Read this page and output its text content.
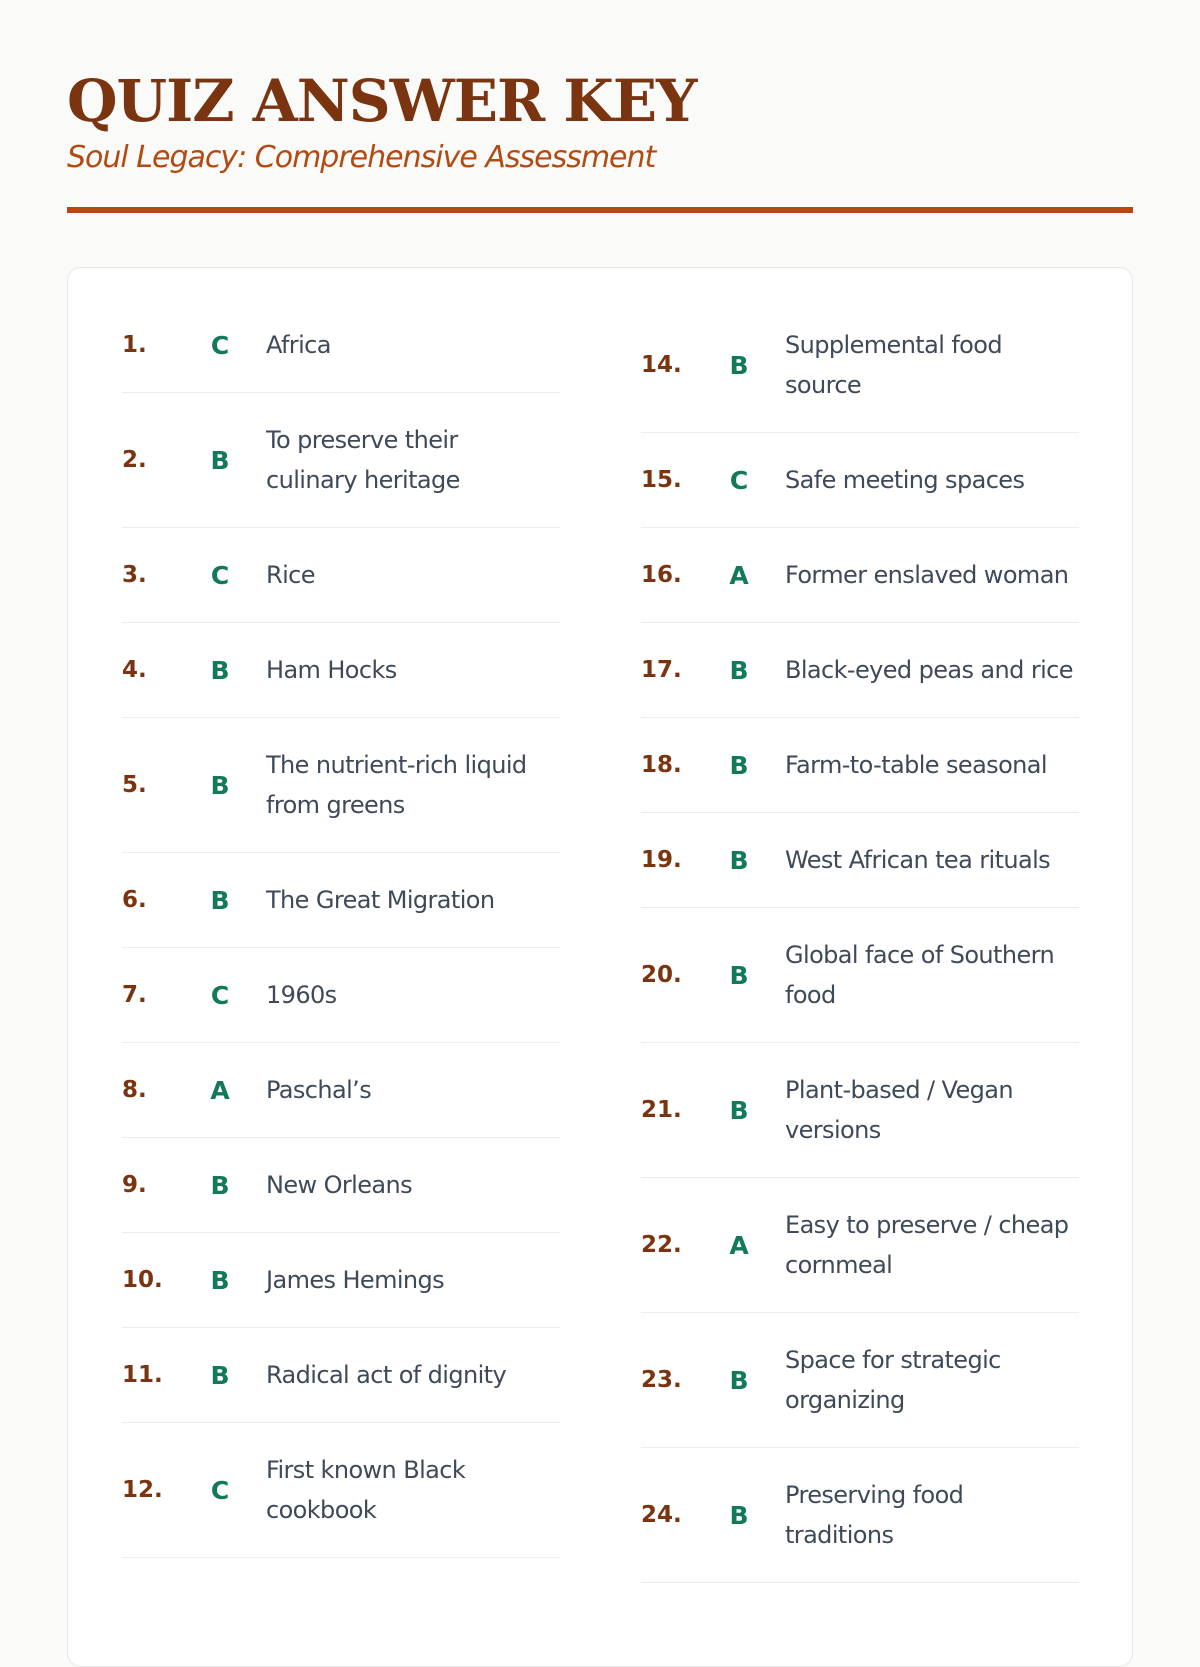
QUIZ ANSWER KEY
Soul Legacy: Comprehensive Assessment
1.	C	Africa
2.	B
To preserve their culinary heritage
3.	C	Rice
4.	B	Ham Hocks
5.	B
The nutrient-rich liquid from greens
6.	B	The Great Migration
7.	C	1960s
8.	A	Paschal’s
9.	B	New Orleans
10.	B	James Hemings
11.	B	Radical act of dignity
12.	C
First known Black cookbook
14.	B
Supplemental food source
15.	C	Safe meeting spaces
16.	A	Former enslaved woman
17.	B	Black-eyed peas and rice
18.	B	Farm-to-table seasonal
19.	B	West African tea rituals
20.	B
Global face of Southern food
21.	B
Plant-based / Vegan versions
22.	A
Easy to preserve / cheap cornmeal
23.	B
Space for strategic organizing
24.	B
Preserving food traditions
